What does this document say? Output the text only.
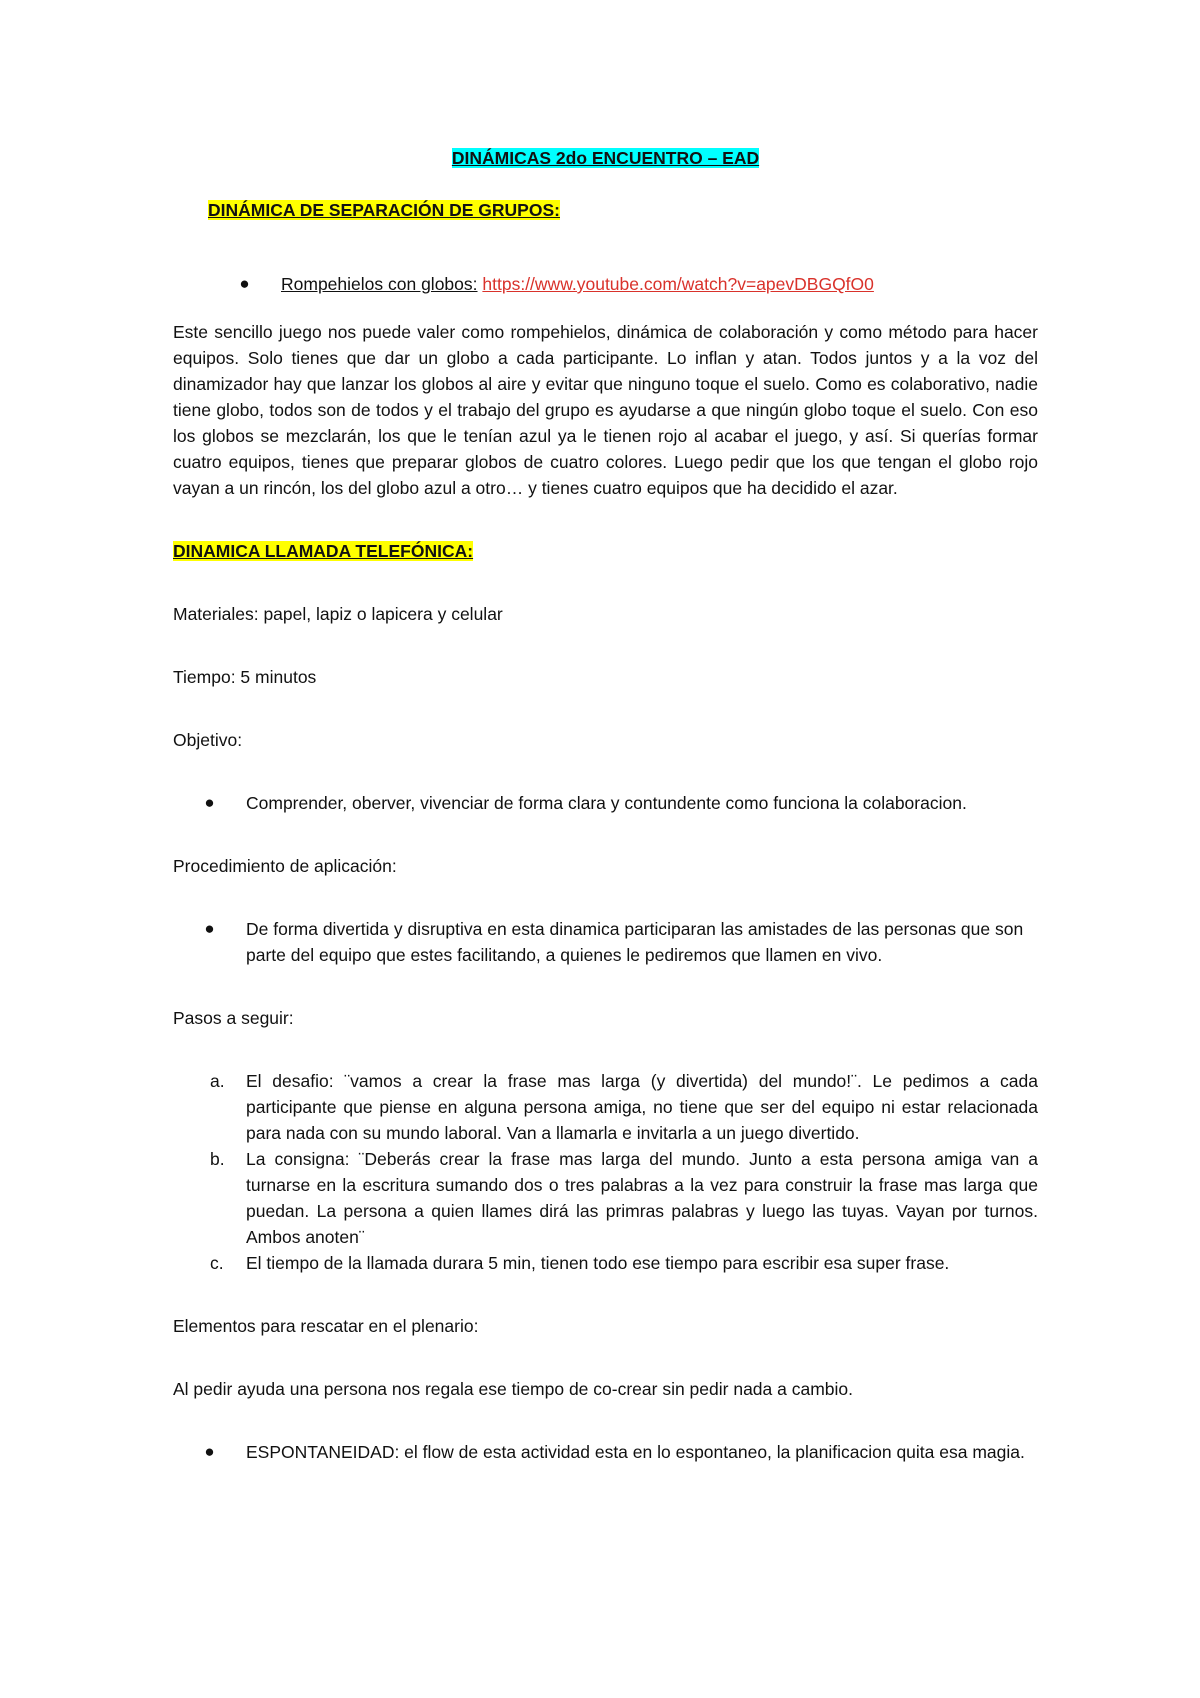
DINÁMICAS 2do ENCUENTRO – EAD

DINÁMICA DE SEPARACIÓN DE GRUPOS:

●	Rompehielos con globos: https://www.youtube.com/watch?v=apevDBGQfO0

Este sencillo juego nos puede valer como rompehielos, dinámica de colaboración y como método para hacer equipos. Solo tienes que dar un globo a cada participante. Lo inflan y atan. Todos juntos y a la voz del dinamizador hay que lanzar los globos al aire y evitar que ninguno toque el suelo. Como es colaborativo, nadie tiene globo, todos son de todos y el trabajo del grupo es ayudarse a que ningún globo toque el suelo. Con eso los globos se mezclarán, los que le tenían azul ya le tienen rojo al acabar el juego, y así. Si querías formar cuatro equipos, tienes que preparar globos de cuatro colores. Luego pedir que los que tengan el globo rojo vayan a un rincón, los del globo azul a otro… y tienes cuatro equipos que ha decidido el azar.

DINAMICA LLAMADA TELEFÓNICA:

Materiales: papel, lapiz o lapicera y celular

Tiempo: 5 minutos

Objetivo:

●	Comprender, oberver, vivenciar de forma clara y contundente como funciona la colaboracion.

Procedimiento de aplicación:

●	De forma divertida y disruptiva en esta dinamica participaran las amistades de las personas que son parte del equipo que estes facilitando, a quienes le pediremos que llamen en vivo.

Pasos a seguir:

a. El desafio: ¨vamos a crear la frase mas larga (y divertida) del mundo!¨. Le pedimos a cada participante que piense en alguna persona amiga, no tiene que ser del equipo ni estar relacionada para nada con su mundo laboral. Van a llamarla e invitarla a un juego divertido.
b. La consigna: ¨Deberás crear la frase mas larga del mundo. Junto a esta persona amiga van a turnarse en la escritura sumando dos o tres palabras a la vez para construir la frase mas larga que puedan. La persona a quien llames dirá las primras palabras y luego las tuyas. Vayan por turnos. Ambos anoten¨
c. El tiempo de la llamada durara 5 min, tienen todo ese tiempo para escribir esa super frase.

Elementos para rescatar en el plenario:

Al pedir ayuda una persona nos regala ese tiempo de co-crear sin pedir nada a cambio.

●	ESPONTANEIDAD: el flow de esta actividad esta en lo espontaneo, la planificacion quita esa magia.
